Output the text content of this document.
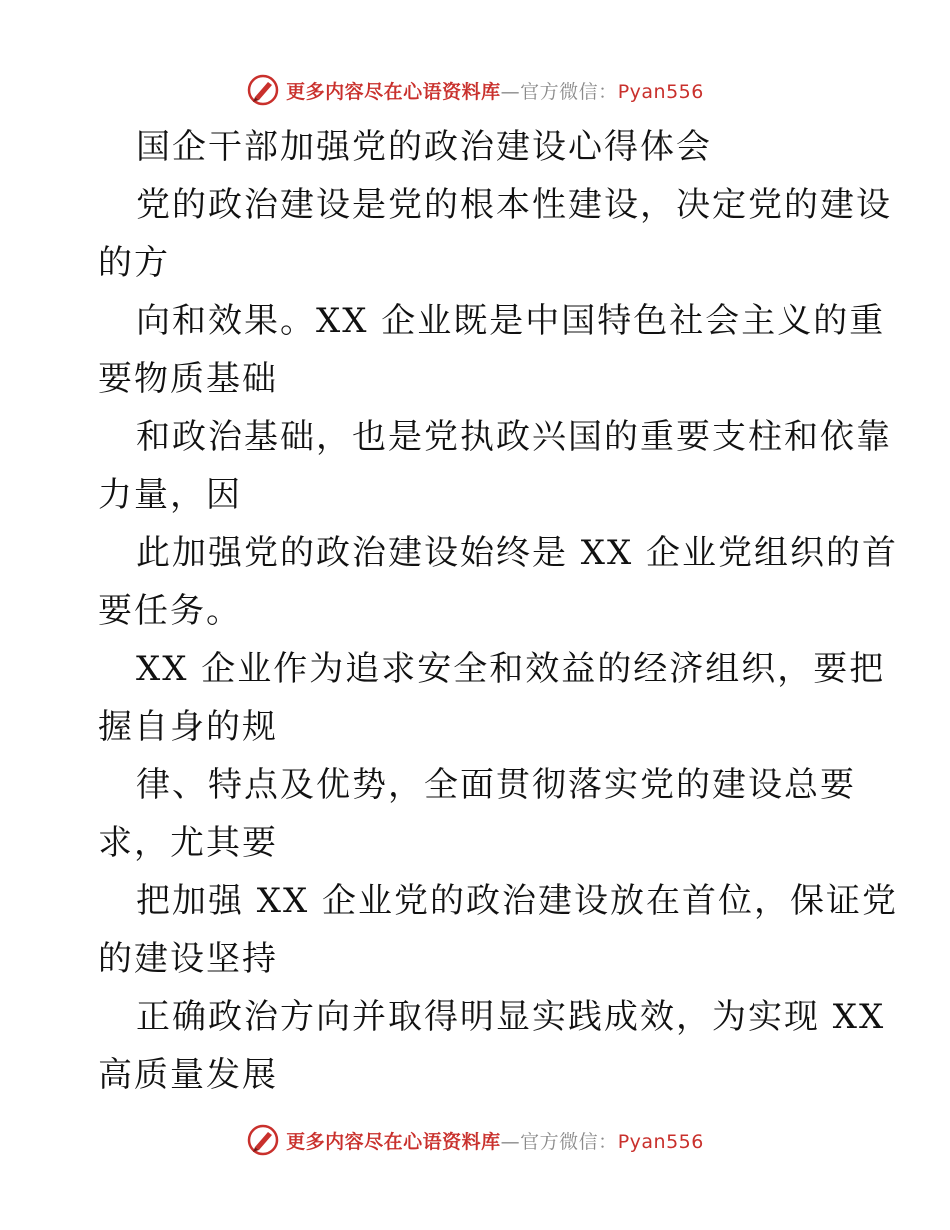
更多内容尽在心语资料库—官方微信：Pyan556
国企干部加强党的政治建设心得体会
党的政治建设是党的根本性建设，决定党的建设
的方
向和效果。XX 企业既是中国特色社会主义的重
要物质基础
和政治基础，也是党执政兴国的重要支柱和依靠
力量，因
此加强党的政治建设始终是 XX 企业党组织的首
要任务。
XX 企业作为追求安全和效益的经济组织，要把
握自身的规
律、特点及优势，全面贯彻落实党的建设总要
求，尤其要
把加强 XX 企业党的政治建设放在首位，保证党
的建设坚持
正确政治方向并取得明显实践成效，为实现 XX
高质量发展
更多内容尽在心语资料库—官方微信：Pyan556
